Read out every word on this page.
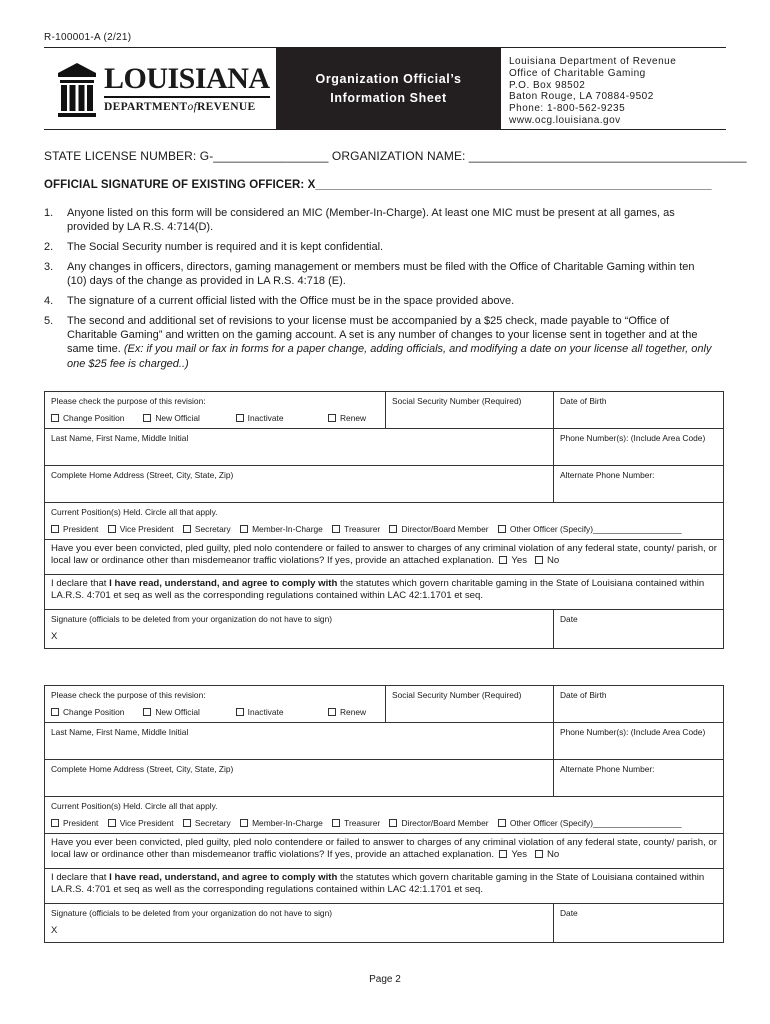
R-100001-A (2/21)
LOUISIANA
DEPARTMENTofREVENUE
Organization Official’s
Information Sheet
Louisiana Department of Revenue
Office of Charitable Gaming
P.O. Box 98502
Baton Rouge, LA 70884-9502
Phone: 1-800-562-9235
www.ocg.louisiana.gov
STATE LICENSE NUMBER: G-_________________ ORGANIZATION NAME: _________________________________________
OFFICIAL SIGNATURE OF EXISTING OFFICER: X_____________________________________________________________
1.	Anyone listed on this form will be considered an MIC (Member-In-Charge). At least one MIC must be present at all games, as provided by LA R.S. 4:714(D).
2.	The Social Security number is required and it is kept confidential.
3.	Any changes in officers, directors, gaming management or members must be filed with the Office of Charitable Gaming within ten (10) days of the change as provided in LA R.S. 4:718 (E).
4.	The signature of a current official listed with the Office must be in the space provided above.
5.	The second and additional set of revisions to your license must be accompanied by a $25 check, made payable to “Office of Charitable Gaming” and written on the gaming account. A set is any number of changes to your license sent in together and at the same time. (Ex: if you mail or fax in forms for a paper change, adding officials, and modifying a date on your license all together, only one $25 fee is charged..)
Please check the purpose of this revision:
Change Position	New Official	Inactivate	Renew
Social Security Number (Required)	Date of Birth
Last Name, First Name, Middle Initial	Phone Number(s): (Include Area Code)
Complete Home Address (Street, City, State, Zip)	Alternate Phone Number:
Current Position(s) Held. Circle all that apply.
President	Vice President	Secretary	Member-In-Charge	Treasurer	Director/Board Member	Other Officer (Specify)___________________
Have you ever been convicted, pled guilty, pled nolo contendere or failed to answer to charges of any criminal violation of any federal state, county/ parish, or local law or ordinance other than misdemeanor traffic violations? If yes, provide an attached explanation. Yes No
I declare that I have read, understand, and agree to comply with the statutes which govern charitable gaming in the State of Louisiana contained within LA.R.S. 4:701 et seq as well as the corresponding regulations contained within LAC 42:1.1701 et seq.
Signature (officials to be deleted from your organization do not have to sign)
X
Date
Please check the purpose of this revision:
Change Position	New Official	Inactivate	Renew
Social Security Number (Required)	Date of Birth
Last Name, First Name, Middle Initial	Phone Number(s): (Include Area Code)
Complete Home Address (Street, City, State, Zip)	Alternate Phone Number:
Current Position(s) Held. Circle all that apply.
President	Vice President	Secretary	Member-In-Charge	Treasurer	Director/Board Member	Other Officer (Specify)___________________
Have you ever been convicted, pled guilty, pled nolo contendere or failed to answer to charges of any criminal violation of any federal state, county/ parish, or local law or ordinance other than misdemeanor traffic violations? If yes, provide an attached explanation. Yes No
I declare that I have read, understand, and agree to comply with the statutes which govern charitable gaming in the State of Louisiana contained within LA.R.S. 4:701 et seq as well as the corresponding regulations contained within LAC 42:1.1701 et seq.
Signature (officials to be deleted from your organization do not have to sign)
X
Date
Page 2
